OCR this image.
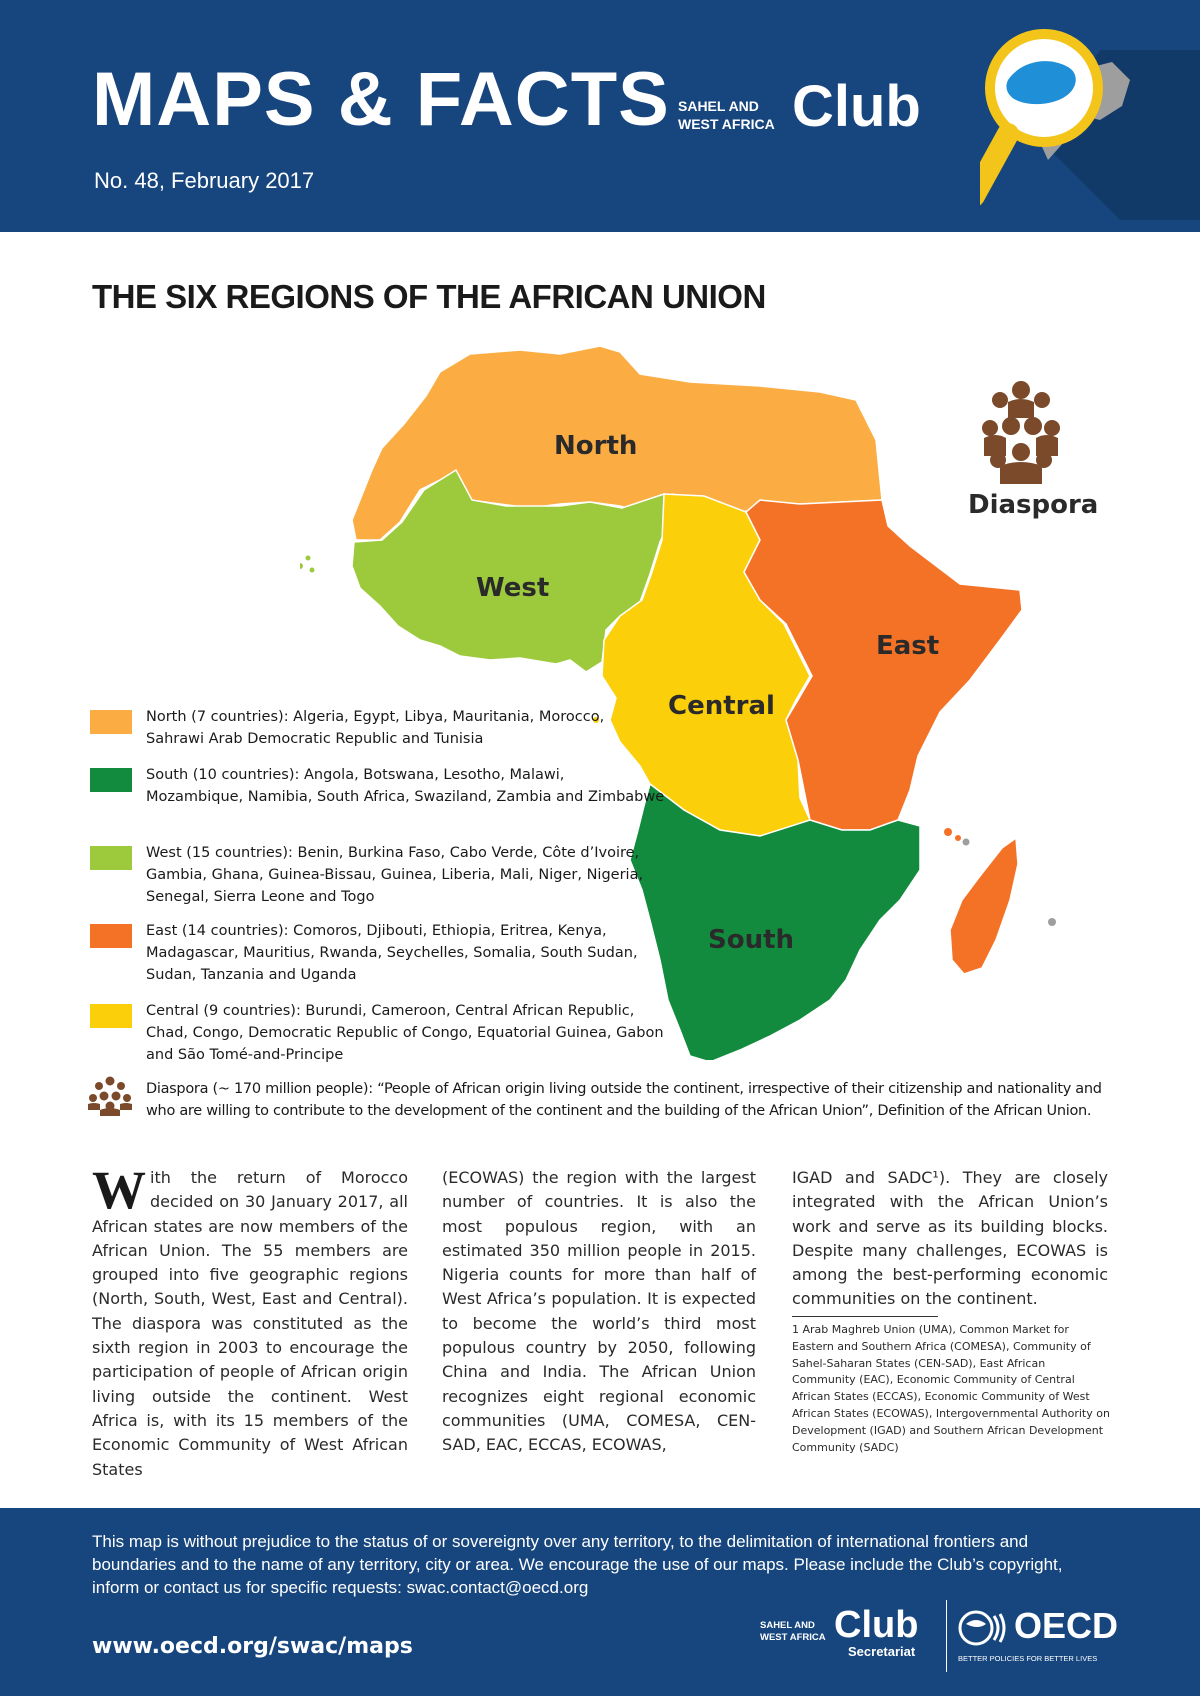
MAPS & FACTS
No. 48, February 2017
SAHEL AND
WEST AFRICA Club
THE SIX REGIONS OF THE AFRICAN UNION
North
West
Central
East
South
Diaspora
North (7 countries): Algeria, Egypt, Libya, Mauritania, Morocco, Sahrawi Arab Democratic Republic and Tunisia
South (10 countries): Angola, Botswana, Lesotho, Malawi, Mozambique, Namibia, South Africa, Swaziland, Zambia and Zimbabwe
West (15 countries): Benin, Burkina Faso, Cabo Verde, Côte d’Ivoire, Gambia, Ghana, Guinea-Bissau, Guinea, Liberia, Mali, Niger, Nigeria, Senegal, Sierra Leone and Togo
East (14 countries): Comoros, Djibouti, Ethiopia, Eritrea, Kenya, Madagascar, Mauritius, Rwanda, Seychelles, Somalia, South Sudan, Sudan, Tanzania and Uganda
Central (9 countries): Burundi, Cameroon, Central African Republic, Chad, Congo, Democratic Republic of Congo, Equatorial Guinea, Gabon and São Tomé-and-Principe
Diaspora (~ 170 million people): “People of African origin living outside the continent, irrespective of their citizenship and nationality and who are willing to contribute to the development of the continent and the building of the African Union”, Definition of the African Union.
With the return of Morocco decided on 30 January 2017, all African states are now members of the African Union. The 55 members are grouped into five geographic regions (North, South, West, East and Central). The diaspora was constituted as the sixth region in 2003 to encourage the participation of people of African origin living outside the continent. West Africa is, with its 15 members of the Economic Community of West African States
(ECOWAS) the region with the largest number of countries. It is also the most populous region, with an estimated 350 million people in 2015. Nigeria counts for more than half of West Africa’s population. It is expected to become the world’s third most populous country by 2050, following China and India. The African Union recognizes eight regional economic communities (UMA, COMESA, CEN-SAD, EAC, ECCAS, ECOWAS,
IGAD and SADC¹). They are closely integrated with the African Union’s work and serve as its building blocks. Despite many challenges, ECOWAS is among the best-performing economic communities on the continent.
1 Arab Maghreb Union (UMA), Common Market for Eastern and Southern Africa (COMESA), Community of Sahel-Saharan States (CEN-SAD), East African Community (EAC), Economic Community of Central African States (ECCAS), Economic Community of West African States (ECOWAS), Intergovernmental Authority on Development (IGAD) and Southern African Development Community (SADC)
This map is without prejudice to the status of or sovereignty over any territory, to the delimitation of international frontiers and boundaries and to the name of any territory, city or area. We encourage the use of our maps. Please include the Club’s copyright, inform or contact us for specific requests: swac.contact@oecd.org
www.oecd.org/swac/maps
SAHEL AND
WEST AFRICA Club
Secretariat
OECD
BETTER POLICIES FOR BETTER LIVES
